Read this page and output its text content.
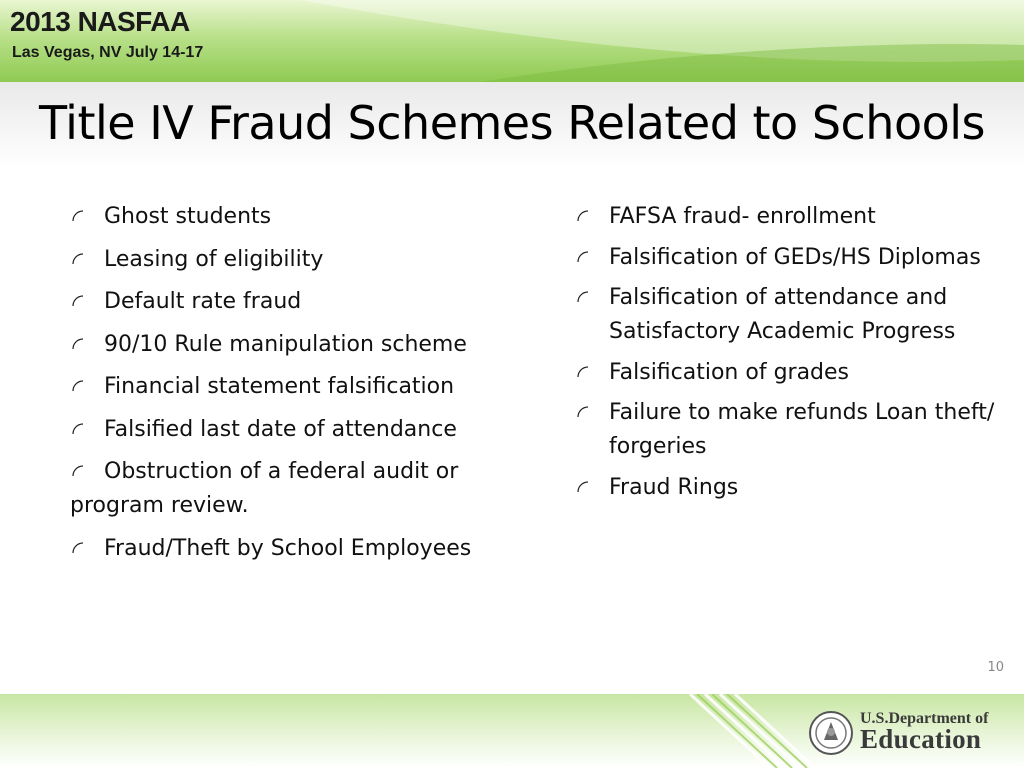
2013 NASFAA
Las Vegas, NV July 14-17
Title IV Fraud Schemes Related to Schools
Ghost students
Leasing of eligibility
Default rate fraud
90/10 Rule manipulation scheme
Financial statement falsification
Falsified last date of attendance
Obstruction of a federal audit or program review.
Fraud/Theft by School Employees
FAFSA fraud- enrollment
Falsification of GEDs/HS Diplomas
Falsification of attendance and Satisfactory Academic Progress
Falsification of grades
Failure to make refunds Loan theft/ forgeries
Fraud Rings
10
U.S.Department of
Education
